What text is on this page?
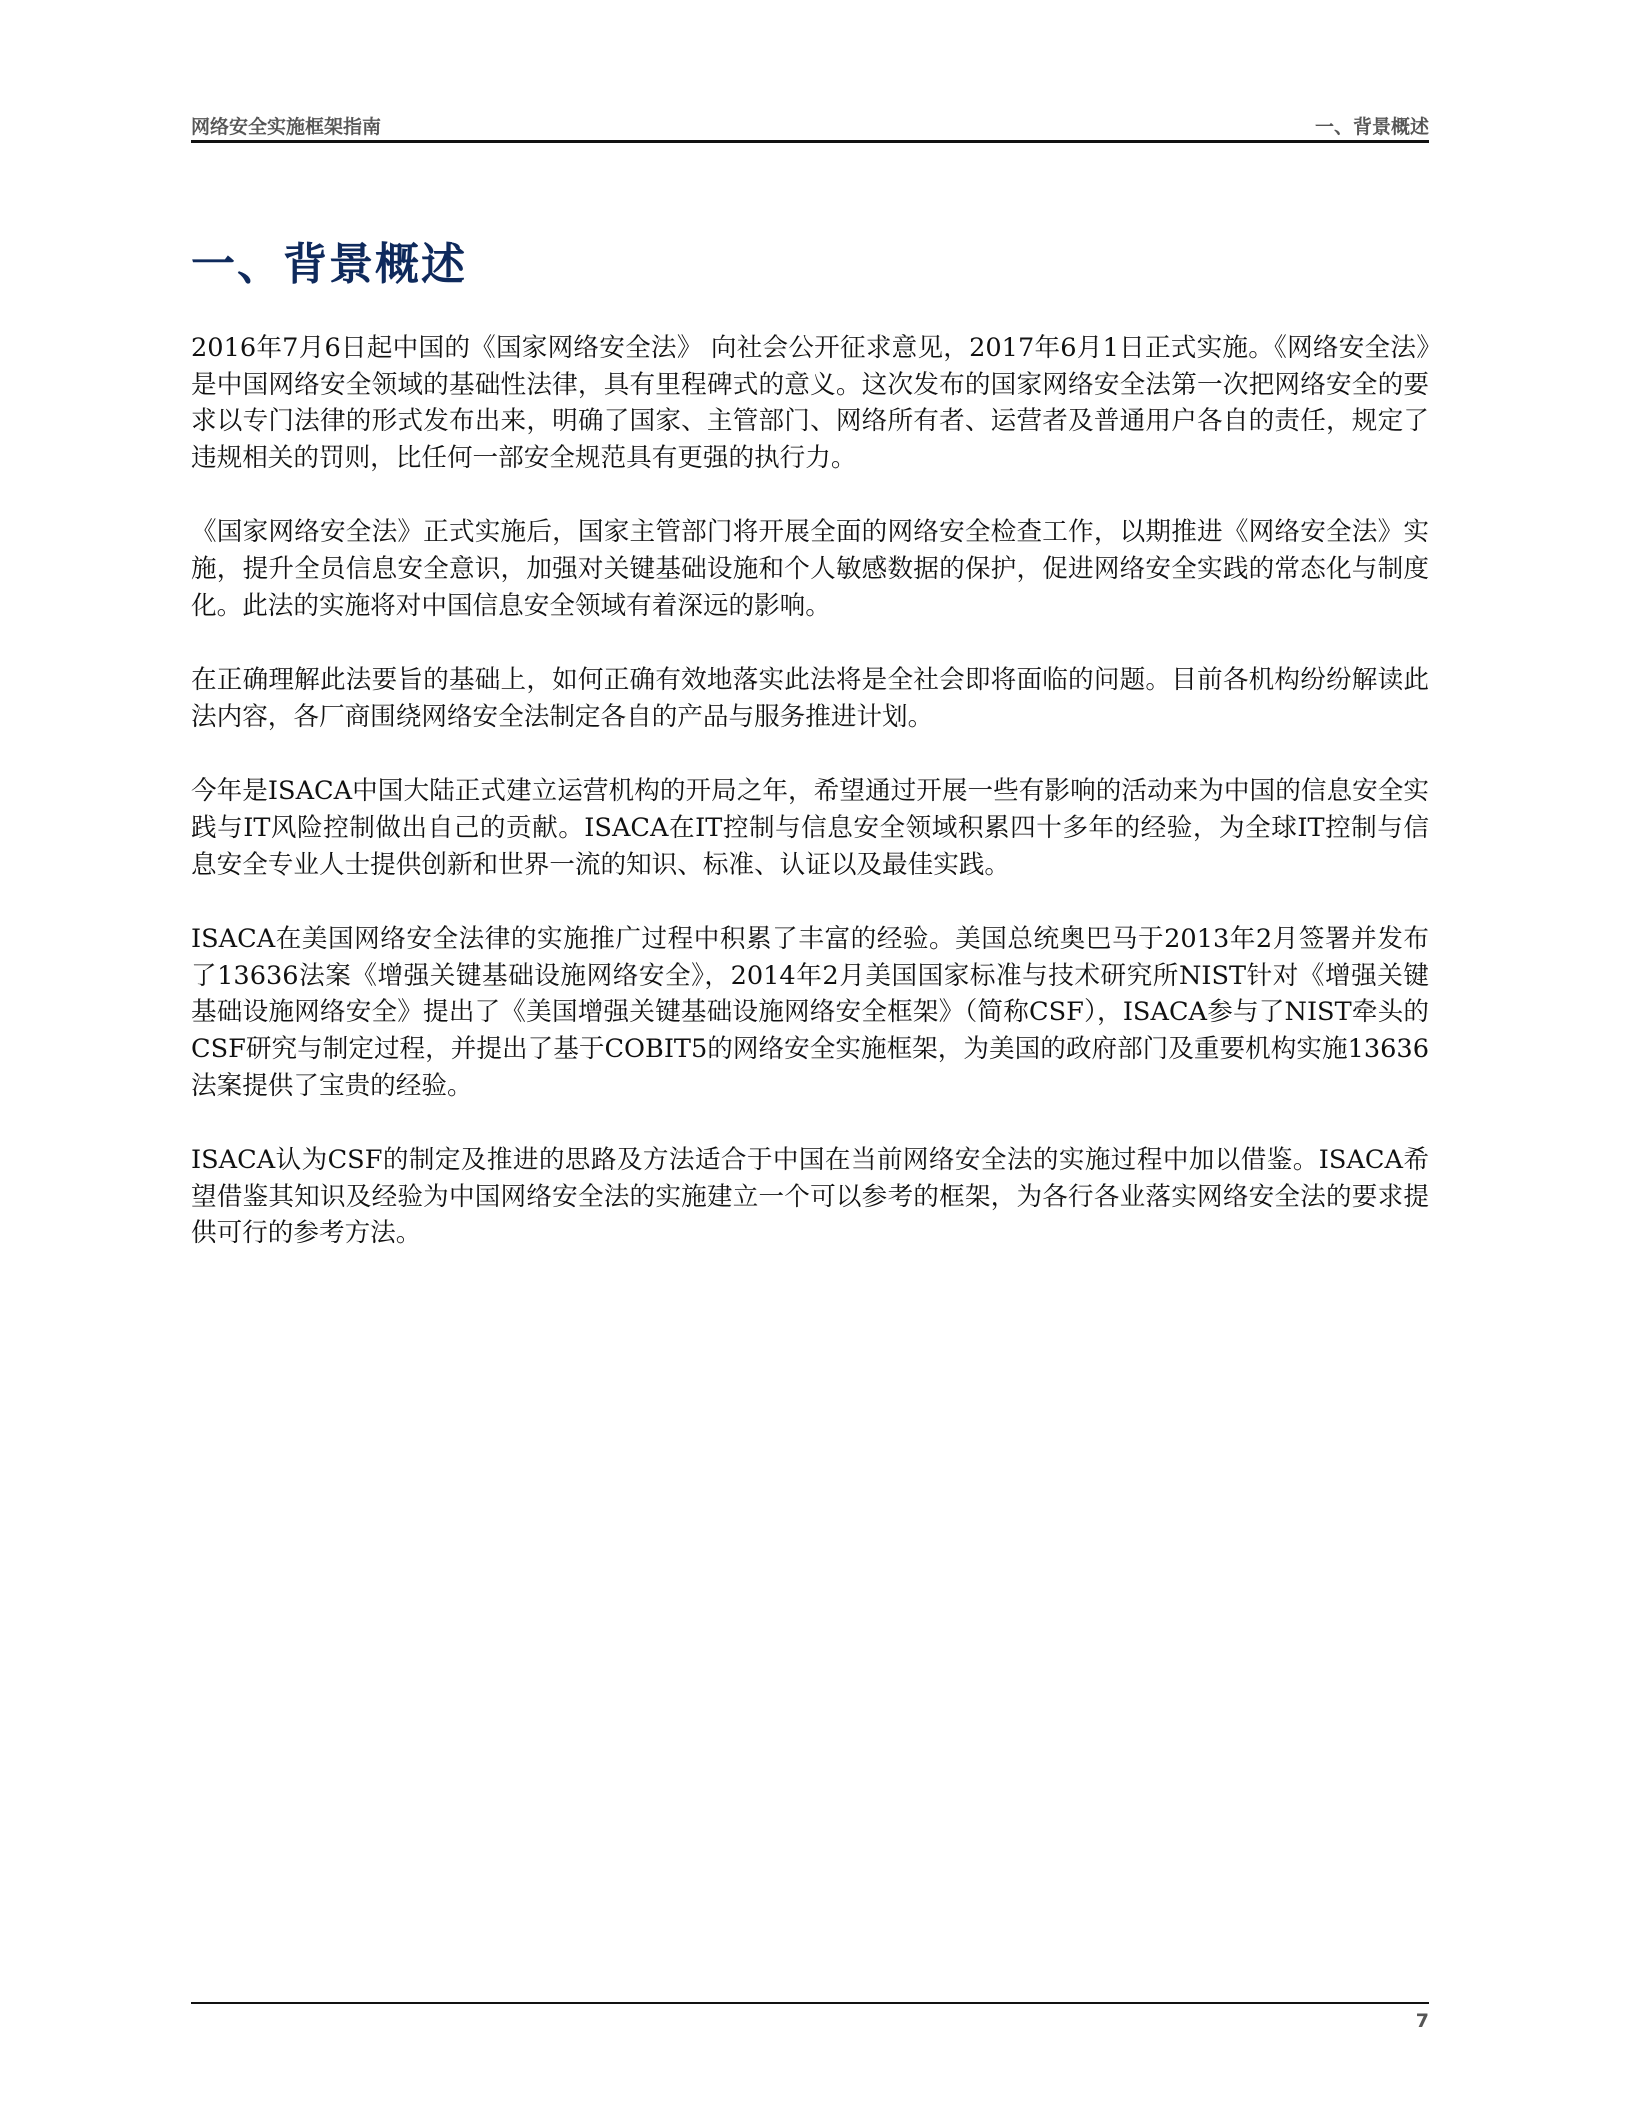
网络安全实施框架指南	一、背景概述
一、背景概述

2016年7月6日起中国的《国家网络安全法》 向社会公开征求意见，2017年6月1日正式实施。《网络安全法》是中国网络安全领域的基础性法律，具有里程碑式的意义。这次发布的国家网络安全法第一次把网络安全的要求以专门法律的形式发布出来，明确了国家、主管部门、网络所有者、运营者及普通用户各自的责任，规定了违规相关的罚则，比任何一部安全规范具有更强的执行力。

《国家网络安全法》正式实施后，国家主管部门将开展全面的网络安全检查工作，以期推进《网络安全法》实施，提升全员信息安全意识，加强对关键基础设施和个人敏感数据的保护，促进网络安全实践的常态化与制度化。此法的实施将对中国信息安全领域有着深远的影响。

在正确理解此法要旨的基础上，如何正确有效地落实此法将是全社会即将面临的问题。目前各机构纷纷解读此法内容，各厂商围绕网络安全法制定各自的产品与服务推进计划。

今年是ISACA中国大陆正式建立运营机构的开局之年，希望通过开展一些有影响的活动来为中国的信息安全实践与IT风险控制做出自己的贡献。ISACA在IT控制与信息安全领域积累四十多年的经验，为全球IT控制与信息安全专业人士提供创新和世界一流的知识、标准、认证以及最佳实践。

ISACA在美国网络安全法律的实施推广过程中积累了丰富的经验。美国总统奥巴马于2013年2月签署并发布了13636法案《增强关键基础设施网络安全》，2014年2月美国国家标准与技术研究所NIST针对《增强关键基础设施网络安全》提出了《美国增强关键基础设施网络安全框架》（简称CSF），ISACA参与了NIST牵头的CSF研究与制定过程，并提出了基于COBIT5的网络安全实施框架，为美国的政府部门及重要机构实施13636法案提供了宝贵的经验。

ISACA认为CSF的制定及推进的思路及方法适合于中国在当前网络安全法的实施过程中加以借鉴。ISACA希望借鉴其知识及经验为中国网络安全法的实施建立一个可以参考的框架，为各行各业落实网络安全法的要求提供可行的参考方法。

7
